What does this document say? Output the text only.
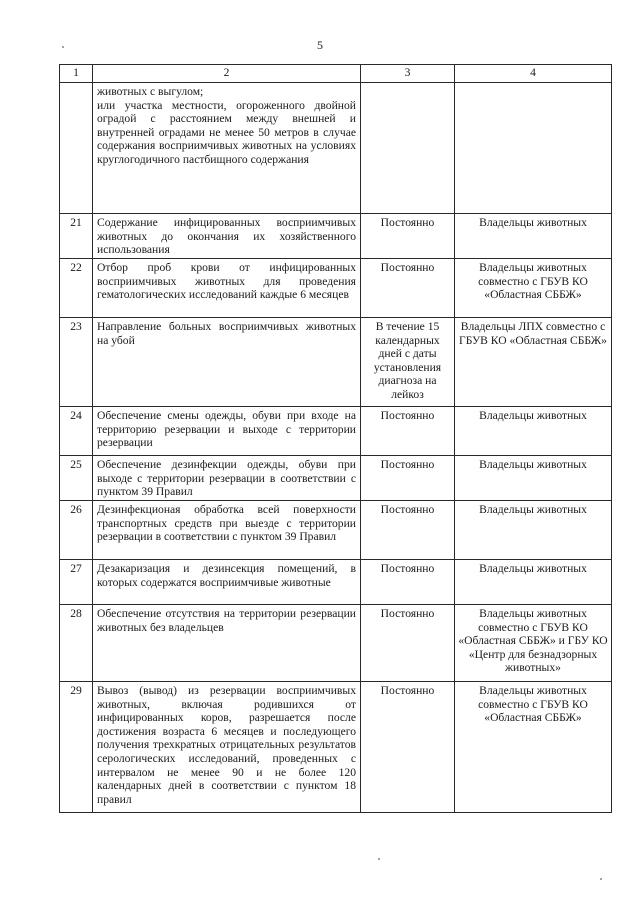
5
1	2	3	4
	животных с выгулом;
или участка местности, огороженного двойной оградой с расстоянием между внешней и внутренней оградами не менее 50 метров в случае содержания восприимчивых животных на условиях круглогодичного пастбищного содержания		
21	Содержание инфицированных восприимчивых животных до окончания их хозяйственного использования	Постоянно	Владельцы животных
22	Отбор проб крови от инфицированных восприимчивых животных для проведения гематологических исследований каждые 6 месяцев	Постоянно	Владельцы животных совместно с ГБУВ КО «Областная СББЖ»
23	Направление больных восприимчивых животных на убой	В течение 15 календарных дней с даты установления диагноза на лейкоз	Владельцы ЛПХ совместно с ГБУВ КО «Областная СББЖ»
24	Обеспечение смены одежды, обуви при входе на территорию резервации и выходе с территории резервации	Постоянно	Владельцы животных
25	Обеспечение дезинфекции одежды, обуви при выходе с территории резервации в соответствии с пунктом 39 Правил	Постоянно	Владельцы животных
26	Дезинфекционая обработка всей поверхности транспортных средств при выезде с территории резервации в соответствии с пунктом 39 Правил	Постоянно	Владельцы животных
27	Дезакаризация и дезинсекция помещений, в которых содержатся восприимчивые животные	Постоянно	Владельцы животных
28	Обеспечение отсутствия на территории резервации животных без владельцев	Постоянно	Владельцы животных совместно с ГБУВ КО «Областная СББЖ» и ГБУ КО «Центр для безнадзорных животных»
29	Вывоз (вывод) из резервации восприимчивых животных, включая родившихся от инфицированных коров, разрешается после достижения возраста 6 месяцев и последующего получения трехкратных отрицательных результатов серологических исследований, проведенных с интервалом не менее 90 и не более 120 календарных дней в соответствии с пунктом 18 правил	Постоянно	Владельцы животных совместно с ГБУВ КО «Областная СББЖ»
